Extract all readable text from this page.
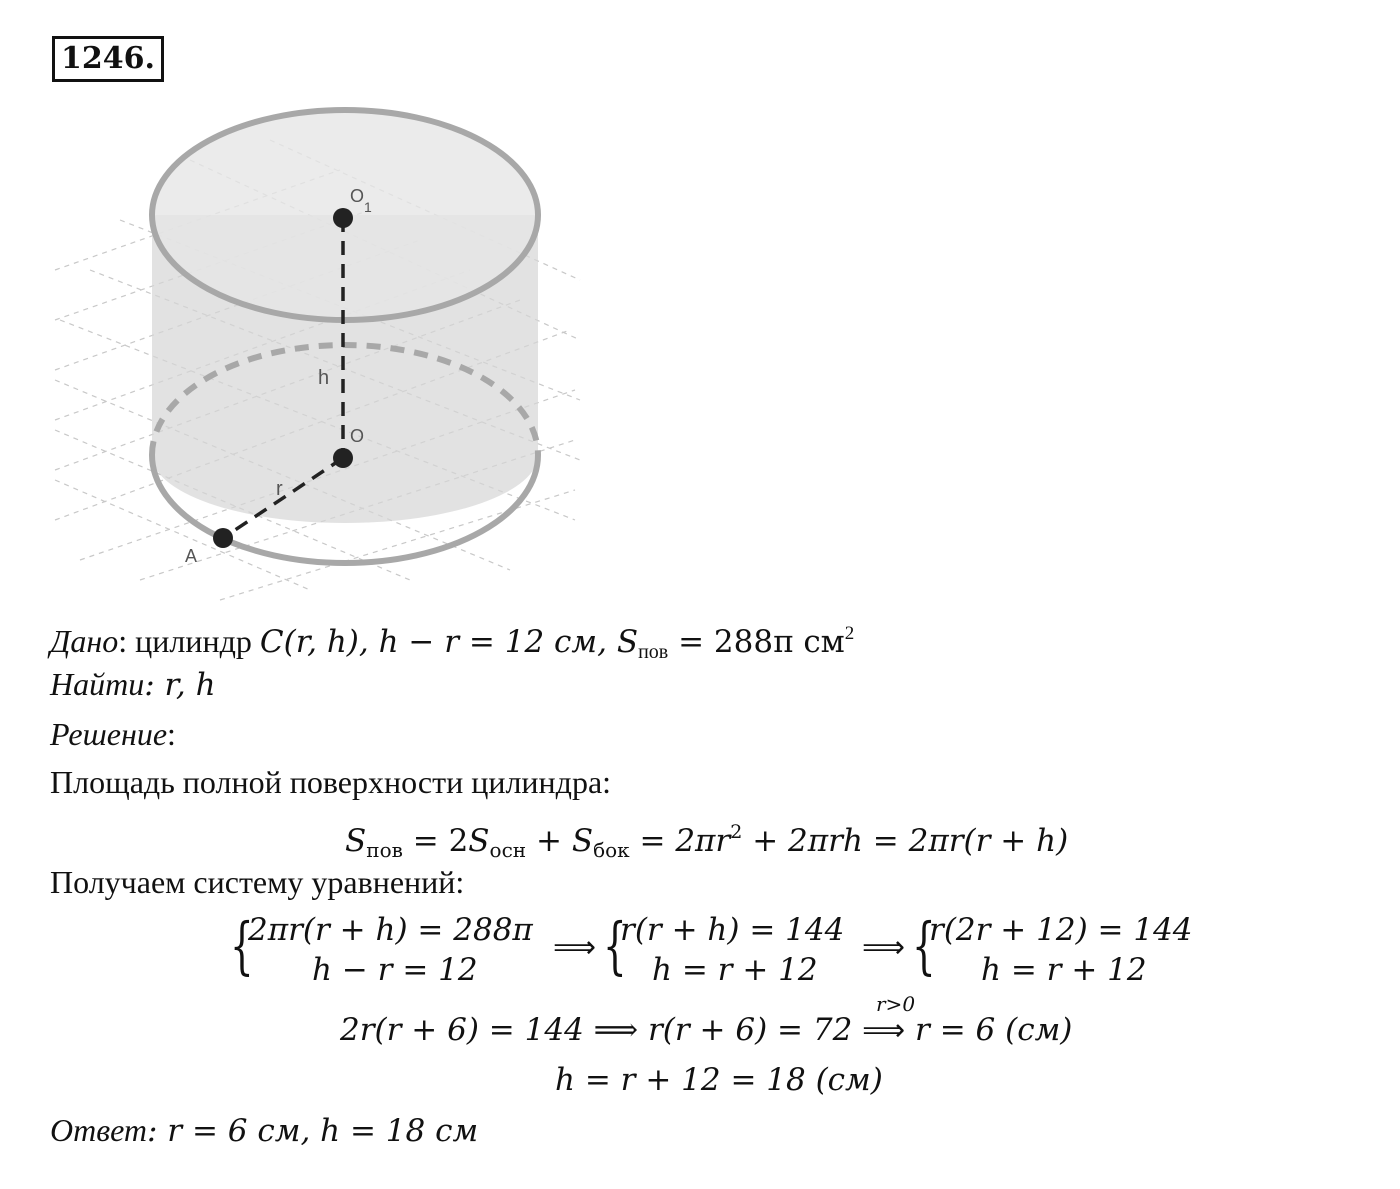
1246.
O
1
h
O
r
A
Дано: цилиндр C(r, h), h − r = 12 см, $S_{пов} = 288\pi$ $см^2$
Найти: r, h
Решение:
Площадь полной поверхности цилиндра:
$S_{пов} = 2S_{осн} + S_{бок} = 2\pi r^2 + 2\pi rh = 2\pi r(r + h)$
Получаем систему уравнений:
{
2πr(r + h) = 288π
h − r = 12
⟹ {
r(r + h) = 144
h = r + 12
⟹ {
r(2r + 12) = 144
h = r + 12
r>0
2r(r + 6) = 144 ⟹ r(r + 6) = 72 ⟹ r = 6 (см)
h = r + 12 = 18 (см)
Ответ: r = 6 см, h = 18 см
